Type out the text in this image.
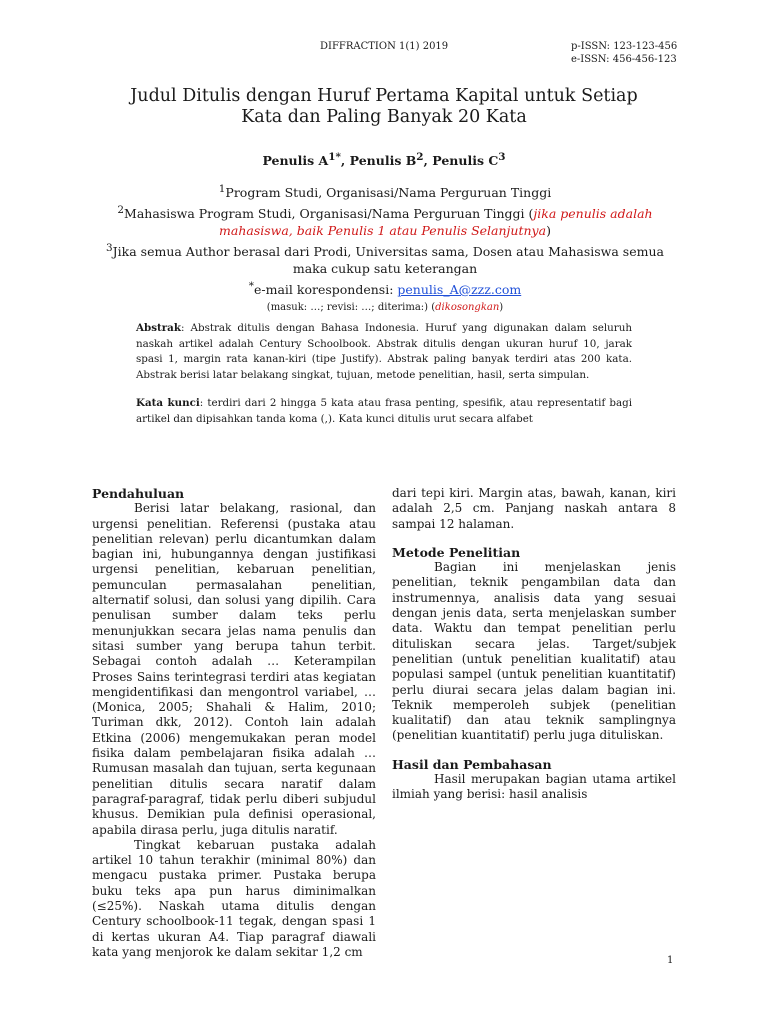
DIFFRACTION 1(1) 2019	p-ISSN: 123-123-456
e-ISSN: 456-456-123
Judul Ditulis dengan Huruf Pertama Kapital untuk Setiap
Kata dan Paling Banyak 20 Kata
Penulis $A^{1*}$, Penulis $B^2$, Penulis $C^3$
$^1$Program Studi, Organisasi/Nama Perguruan Tinggi
$^2$Mahasiswa Program Studi, Organisasi/Nama Perguruan Tinggi (jika penulis adalah mahasiswa, baik Penulis 1 atau Penulis Selanjutnya)
$^3$Jika semua Author berasal dari Prodi, Universitas sama, Dosen atau Mahasiswa semua maka cukup satu keterangan
*e-mail korespondensi: penulis_A@zzz.com
(masuk: …; revisi: …; diterima:) (dikosongkan)

Abstrak: Abstrak ditulis dengan Bahasa Indonesia. Huruf yang digunakan dalam seluruh naskah artikel adalah Century Schoolbook. Abstrak ditulis dengan ukuran huruf 10, jarak spasi 1, margin rata kanan-kiri (tipe Justify). Abstrak paling banyak terdiri atas 200 kata. Abstrak berisi latar belakang singkat, tujuan, metode penelitian, hasil, serta simpulan.

Kata kunci: terdiri dari 2 hingga 5 kata atau frasa penting, spesifik, atau representatif bagi artikel dan dipisahkan tanda koma (,). Kata kunci ditulis urut secara alfabet

Pendahuluan

Berisi latar belakang, rasional, dan urgensi penelitian. Referensi (pustaka atau penelitian relevan) perlu dicantumkan dalam bagian ini, hubungannya dengan justifikasi urgensi penelitian, kebaruan penelitian, pemunculan permasalahan penelitian, alternatif solusi, dan solusi yang dipilih. Cara penulisan sumber dalam teks perlu menunjukkan secara jelas nama penulis dan sitasi sumber yang berupa tahun terbit. Sebagai contoh adalah … Keterampilan Proses Sains terintegrasi terdiri atas kegiatan mengidentifikasi dan mengontrol variabel, … (Monica, 2005; Shahali & Halim, 2010; Turiman dkk, 2012). Contoh lain adalah Etkina (2006) mengemukakan peran model fisika dalam pembelajaran fisika adalah … Rumusan masalah dan tujuan, serta kegunaan penelitian ditulis secara naratif dalam paragraf-paragraf, tidak perlu diberi subjudul khusus. Demikian pula definisi operasional, apabila dirasa perlu, juga ditulis naratif.

Tingkat kebaruan pustaka adalah artikel 10 tahun terakhir (minimal 80%) dan mengacu pustaka primer. Pustaka berupa buku teks apa pun harus diminimalkan (≤25%). Naskah utama ditulis dengan Century schoolbook-11 tegak, dengan spasi 1 di kertas ukuran A4. Tiap paragraf diawali kata yang menjorok ke dalam sekitar 1,2 cm

dari tepi kiri. Margin atas, bawah, kanan, kiri adalah 2,5 cm. Panjang naskah antara 8 sampai 12 halaman.

Metode Penelitian

Bagian ini menjelaskan jenis penelitian, teknik pengambilan data dan instrumennya, analisis data yang sesuai dengan jenis data, serta menjelaskan sumber data. Waktu dan tempat penelitian perlu dituliskan secara jelas. Target/subjek penelitian (untuk penelitian kualitatif) atau populasi sampel (untuk penelitian kuantitatif) perlu diurai secara jelas dalam bagian ini. Teknik memperoleh subjek (penelitian kualitatif) dan atau teknik samplingnya (penelitian kuantitatif) perlu juga dituliskan.

Hasil dan Pembahasan

Hasil merupakan bagian utama artikel ilmiah yang berisi: hasil analisis

1
